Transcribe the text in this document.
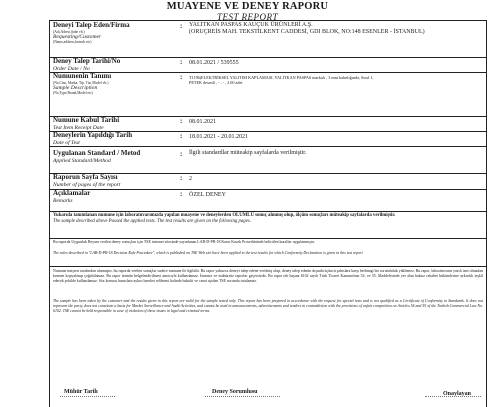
MUAYENE VE DENEY RAPORU
TEST REPORT
Deneyi Talep Eden/Firma
(Adı,Adresi,Şube vb.)
Requesting/Customer
(Name,address,branch etc)
: YALITKAN PASPAS KAUÇUK ÜRÜNLERİ A.Ş.
(ORUÇREİS MAH. TEKSTİLKENT CADDESİ, GDI BLOK, NO:148 ESENLER - İSTANBUL)
Deney Talep Tarihi/No
Order Date / No
: 08.01.2021 / 539555
Numunenin Tanımı
(No,Cins, Marka, Tip, Tür, Model vb.)
Sample Description
(No,Type,Brand,Model etc)
: T1196(ELEKTRİKSEL YALITIM KAPLAMASI, YALITKAN PASPAS markalı , 3 mm kalınlığında, Sınıf 1,
PETEK desenli , - , - , 2.00 adet
Numune Kabul Tarihi
Test Item Receipt Date
: 08.01.2021
Deneylerin Yapıldığı Tarih
Date of Test
: 18.01.2021 - 20.01.2021
Uygulanan Standard / Metod
Applied Standard/Method
: İlgili standardlar müteakip sayfalarda verilmiştir.
Raporun Sayfa Sayısı
Number of pages of the report
: 2
Açıklamalar
Remarks
: ÖZEL DENEY
Yukarıda tanımlanan numune için laboratuvarımızda yapılan muayene ve deneylerden OLUMLU sonuç alınmış olup, ölçüm sonuçları müteakip sayfalarda verilmiştir.
The sample described above Passed the applied tests. The test results are given on the following pages.
Bu raporda Uygunluk Beyanı verilen deney sonuçları için TSE internet sitesinde yayınlanan LAB-D-PR-18 Karar Kuralı Prosedüründe belirtilen kurallar uygulanmıştır.
The rules described in "LAB-D-PR-18 Decision Rule Procedure", which is published on TSE Web site have been applied to the test results for which Conformity Declaration is given in this test report
Numune müşteri tarafından alınmıştır, bu raporda verilen sonuçlar sadece numune ile ilgilidir. Bu rapor yalnızca deneyi talep edene verilmiş olup, deney talep edenin dışında üçüncü şahıslara karşı herhangi bir sorumluluk yüklemez. Bu rapor, laboratuvarın yazılı izni olmadan kısmen kopyalanıp çoğaltılamaz. Bu rapor ürünün belgelendirilmesi amacıyla kullanılamaz. İmzasız ve mühürsüz raporlar geçersizdir. Bu rapor tek başına 6102 sayılı Türk Ticaret Kanunu'nun 54. ve 55. Maddelerinde yer alan haksız rekabet hükümlerine aykırılık teşkil edecek şekilde kullanılamaz. Söz konusu hususlara aykırı hareket edilmesi halinde hukuki ve cezai açıdan TSE sorumlu tutulamaz.
The sample has been taken by the customer and the results given in this report are valid for the sample tested only. This report has been prepared in accordance with the request for special tests and is not qualified as a Certificate of Conformity to Standards. It does not represent the party, does not constitute a basis for Market Surveillance and Audit Activities, and cannot be used in announcements, advertisements and tenders in contradiction with the provisions of unfair competition on Articles 54 and 55 of the Turkish Commercial Law No. 6102. TSE cannot be held responsible in case of violation of these issues in legal and criminal terms.
Mühür Tarih	Deney Sorumlusu	Onaylayan
